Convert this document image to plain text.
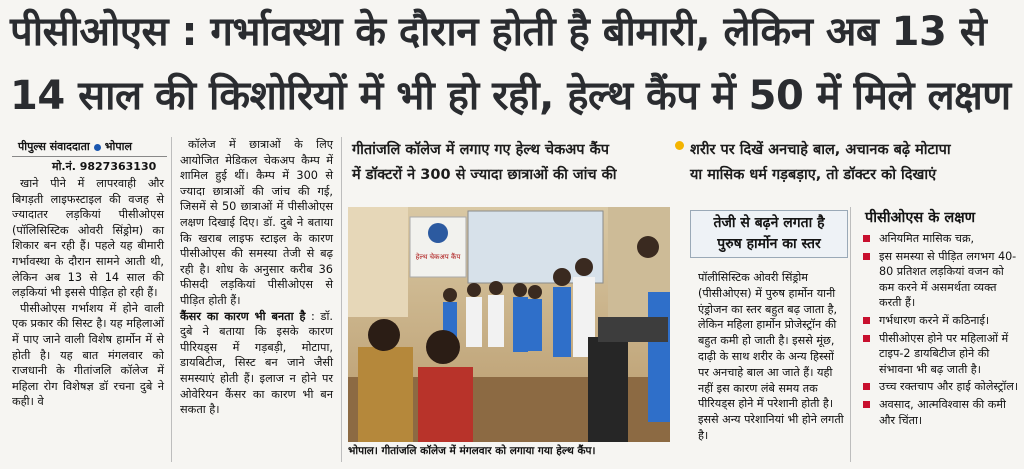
पीसीओएस : गर्भावस्था के दौरान होती है बीमारी, लेकिन अब 13 से
14 साल की किशोरियों में भी हो रही, हेल्थ कैंप में 50 में मिले लक्षण
पीपुल्स संवाददाता भोपाल
मो.नं. 9827363130

खाने पीने में लापरवाही और बिगड़ती लाइफस्टाइल की वजह से ज्यादातर लड़कियां पीसीओएस (पॉलिसिस्टिक ओवरी सिंड्रोम) का शिकार बन रही हैं। पहले यह बीमारी गर्भावस्था के दौरान सामने आती थी, लेकिन अब 13 से 14 साल की लड़कियां भी इससे पीड़ित हो रही हैं।

पीसीओएस गर्भाशय में होने वाली एक प्रकार की सिस्ट है। यह महिलाओं में पाए जाने वाली विशेष हार्मोन में से होती है। यह बात मंगलवार को राजधानी के गीतांजलि कॉलेज में महिला रोग विशेषज्ञ डॉ रचना दुबे ने कही। वे

कॉलेज में छात्राओं के लिए आयोजित मेडिकल चेकअप कैम्प में शामिल हुई थीं। कैम्प में 300 से ज्यादा छात्राओं की जांच की गई, जिसमें से 50 छात्राओं में पीसीओएस लक्षण दिखाई दिए। डॉ. दुबे ने बताया कि खराब लाइफ स्टाइल के कारण पीसीओएस की समस्या तेजी से बढ़ रही है। शोध के अनुसार करीब 36 फीसदी लड़कियां पीसीओएस से पीड़ित होती हैं।

कैंसर का कारण भी बनता है : डॉ. दुबे ने बताया कि इसके कारण पीरियड्स में गड़बड़ी, मोटापा, डायबिटीज, सिस्ट बन जाने जैसी समस्याएं होती हैं। इलाज न होने पर ओवेरियन कैंसर का कारण भी बन सकता है।

गीतांजलि कॉलेज में लगाए गए हेल्थ चेकअप कैंप
में डॉक्टरों ने 300 से ज्यादा छात्राओं की जांच की
शरीर पर दिखें अनचाहे बाल, अचानक बढ़े मोटापा
या मासिक धर्म गड़बड़ाए, तो डॉक्टर को दिखाएं
हेल्थ चेकअप कैंप
भोपाल। गीतांजलि कॉलेज में मंगलवार को लगाया गया हेल्थ कैंप।
तेजी से बढ़ने लगता है
पुरुष हार्मोन का स्तर
पॉलीसिस्टिक ओवरी सिंड्रोम (पीसीओएस) में पुरुष हार्मोन यानी एंड्रोजन का स्तर बहुत बढ़ जाता है, लेकिन महिला हार्मोन प्रोजेस्ट्रॉन की बहुत कमी हो जाती है। इससे मूंछ, दाढ़ी के साथ शरीर के अन्य हिस्सों पर अनचाहे बाल आ जाते हैं। यही नहीं इस कारण लंबे समय तक पीरियड्स होने में परेशानी होती है। इससे अन्य परेशानियां भी होने लगती है।
पीसीओएस के लक्षण
अनियमित मासिक चक्र,
इस समस्या से पीड़ित लगभग 40-80 प्रतिशत लड़कियां वजन को कम करने में असमर्थता व्यक्त करती हैं।
गर्भधारण करने में कठिनाई।
पीसीओएस होने पर महिलाओं में टाइप-2 डायबिटीज होने की संभावना भी बढ़ जाती है।
उच्च रक्तचाप और हाई कोलेस्ट्रॉल।
अवसाद, आत्मविश्वास की कमी और चिंता।
